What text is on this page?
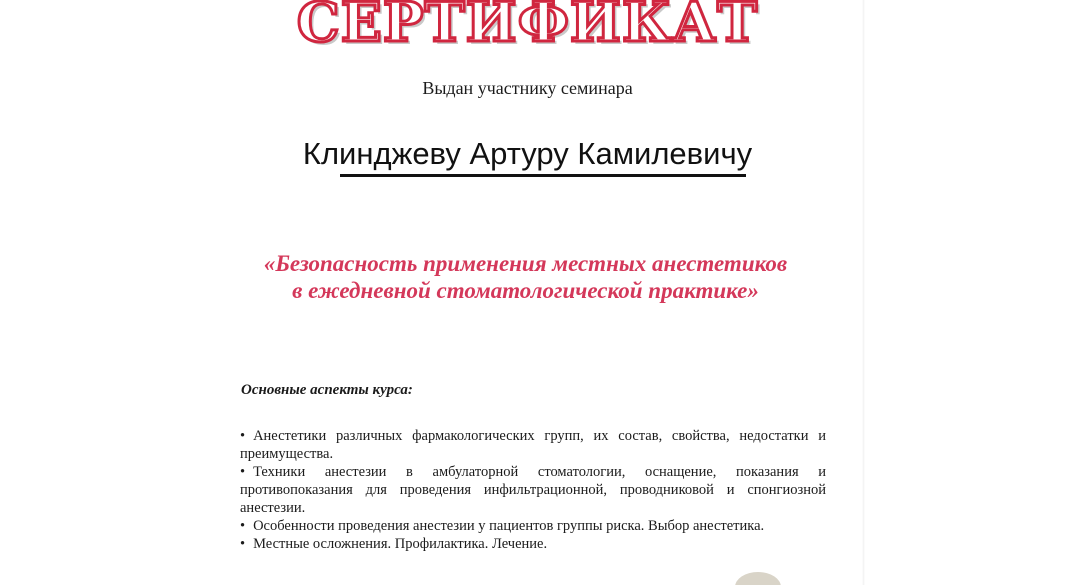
СЕРТИФИКАТ
Выдан участнику семинара
Клинджеву Артуру Камилевичу
«Безопасность применения местных анестетиков
в ежедневной стоматологической практике»
Основные аспекты курса:
• Анестетики различных фармакологических групп, их состав, свойства, недостатки и преимущества.
• Техники анестезии в амбулаторной стоматологии, оснащение, показания и противопоказания для проведения инфильтрационной, проводниковой и спонгиозной анестезии.
• Особенности проведения анестезии у пациентов группы риска. Выбор анестетика.
• Местные осложнения. Профилактика. Лечение.
